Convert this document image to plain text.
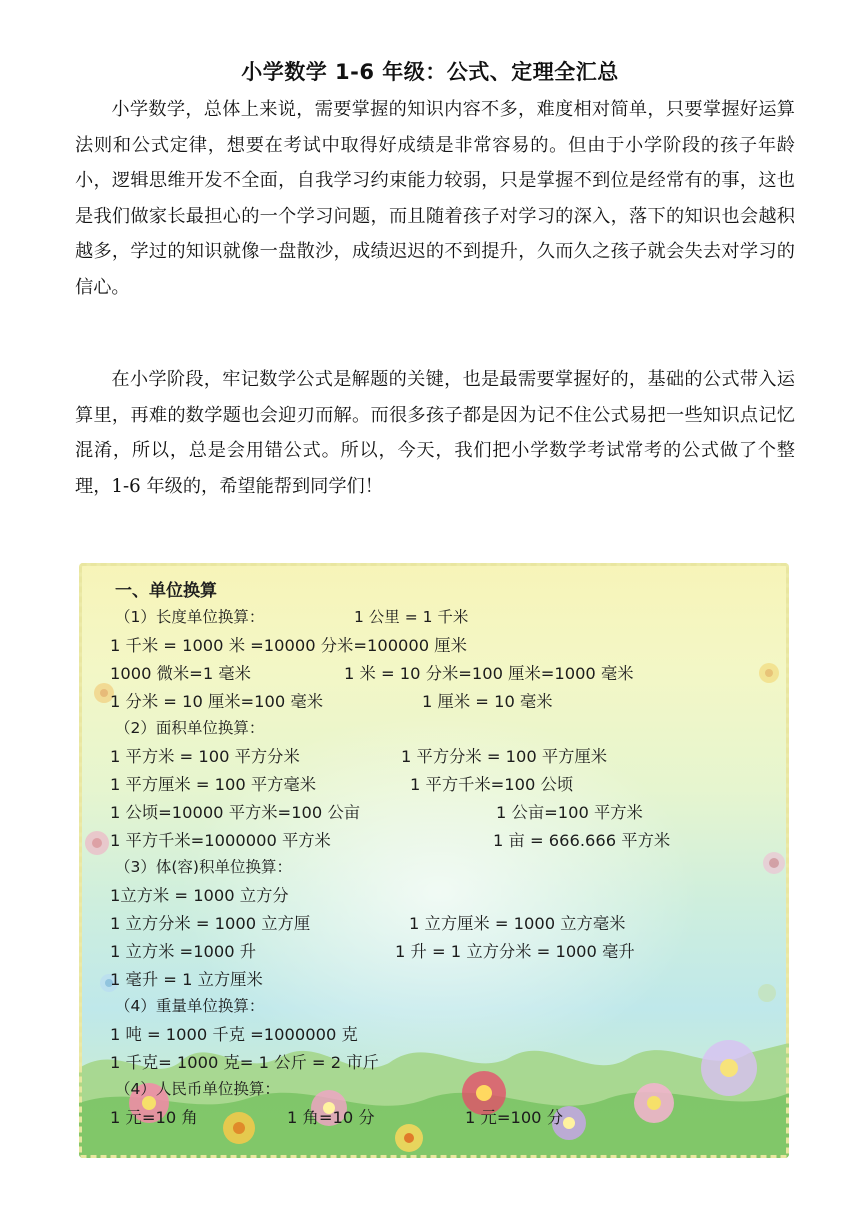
小学数学 1-6 年级：公式、定理全汇总

小学数学，总体上来说，需要掌握的知识内容不多，难度相对简单，只要掌握好运算法则和公式定律，想要在考试中取得好成绩是非常容易的。但由于小学阶段的孩子年龄小，逻辑思维开发不全面，自我学习约束能力较弱，只是掌握不到位是经常有的事，这也是我们做家长最担心的一个学习问题，而且随着孩子对学习的深入，落下的知识也会越积越多，学过的知识就像一盘散沙，成绩迟迟的不到提升，久而久之孩子就会失去对学习的信心。

在小学阶段，牢记数学公式是解题的关键，也是最需要掌握好的，基础的公式带入运算里，再难的数学题也会迎刃而解。而很多孩子都是因为记不住公式易把一些知识点记忆混淆，所以，总是会用错公式。所以，今天，我们把小学数学考试常考的公式做了个整理，1-6 年级的，希望能帮到同学们！

一、单位换算
（1）长度单位换算：	1 公里 = 1 千米
1 千米 = 1000 米 =10000 分米=100000 厘米
1000 微米=1 毫米	1 米 = 10 分米=100 厘米=1000 毫米
1 分米 = 10 厘米=100 毫米	1 厘米 = 10 毫米
（2）面积单位换算：
1 平方米 = 100 平方分米	1 平方分米 = 100 平方厘米
1 平方厘米 = 100 平方毫米	1 平方千米=100 公顷
1 公顷=10000 平方米=100 公亩	1 公亩=100 平方米
1 平方千米=1000000 平方米	1 亩 = 666.666 平方米
（3）体(容)积单位换算：
1立方米 = 1000 立方分
1 立方分米 = 1000 立方厘	1 立方厘米 = 1000 立方毫米
1 立方米 =1000 升	1 升 = 1 立方分米 = 1000 毫升
1 毫升 = 1 立方厘米
（4）重量单位换算：
1 吨 = 1000 千克 =1000000 克
1 千克= 1000 克= 1 公斤 = 2 市斤
（4）人民币单位换算：
1 元=10 角	1 角=10 分	1 元=100 分
